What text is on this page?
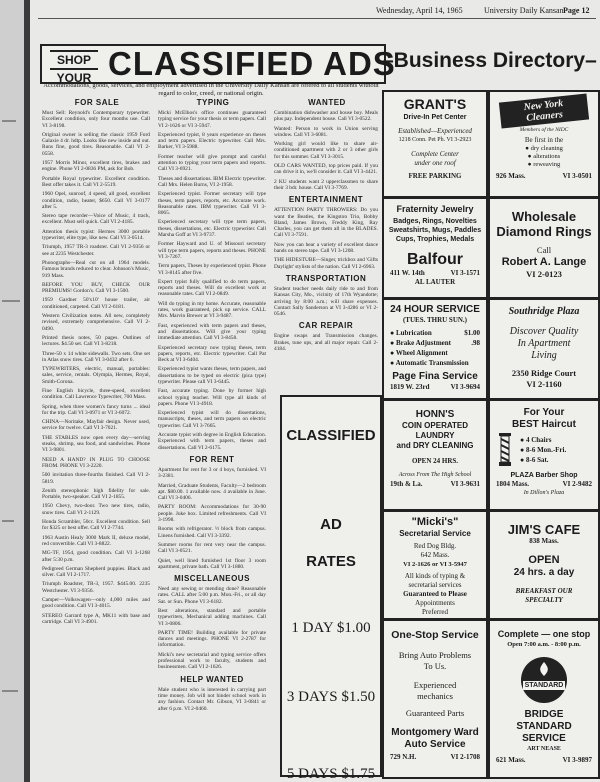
Wednesday, April 14, 1965	University Daily Kansan Page 12
SHOP
YOUR CLASSIFIED ADS
–Business Directory–
Accommodations, goods, services, and employment advertised in the University Daily Kansan are offered to all students without regard to color, creed, or national origin.
FOR SALE	TYPING	WANTED

Must Sell: Reynold's Contemporary typewriter. Excellent condition, only four months use. Call VI 3-8198.

Original owner is selling the classic 1959 Ford Galaxie 4 dr. hdtp. Looks like new inside and out. Runs fine, good tires. Reasonable. Call VI 2-0558.

1957 Morris Minor, excellent tires, brakes and engine. Phone VI 2-0836 PM, ask for Bob.

Portable Royal typewriter. Excellent condition. Best offer takes it. Call VI 2-5519.

1960 Opel, sunroof, 4 speed, all good, excellent condition, radio, heater, $650. Call VI 3-0177 after 5.

Stereo tape recorder—Voice of Music, 4 track, excellent. Must sell quick. Call VI 2-4185.

Attention thesis typist: Hermes 3000 portable typewriter, elite type, like new. Call VI 3-0514.

Triumph, 1957 TR-3 roadster. Call VI 2-9356 or see at 2235 Westchester.

Phonographs—Real cut on all 1964 models. Famous brands reduced to clear. Johnson's Music, 919 Mass.

BEFORE YOU BUY, CHECK OUR PREMIUMS! Gordon's. Call VI 3-1500.

1959 Gardner 50'x10' house trailer, air conditioned, carpeted. Call VI 2-6181.

Western Civilization notes. All new, completely revised, extremely comprehensive. Call VI 2-0490.

Printed thesis notes, 50 pages. Outlines of lectures. $4.50 set. Call VI 3-8218.

Three-50 x 14 white sidewalls. Two sets. One set in Atlas snow tires. Call VI 3-0432 after 6.

TYPEWRITERS, electric, manual, portables: sales, service, rentals. Olympia, Hermes, Royal, Smith-Corona.

Fine English bicycle, three-speed, excellent condition. Call Lawrence Typewriter, 700 Mass.

Spring, when three women's fancy turns ... ideal for the trip. Call VI 3-0971 or VI 3-6072.

CHINA—Noritake, Mayfair design. Never used, service for twelve. Call VI 3-7021.

THE STABLES now open every day—serving steaks, shrimp, sea food, and sandwiches. Phone VI 3-9801.

NEED A HAND? IN PLUG TO CHOOSE FROM. PHONE VI 3-2220.

500 invitation three-fourths finished. Call VI 2-5819.

Zenith stereophonic high fidelity for sale. Portable, two-speaker. Call VI 2-1855.

1950 Chevy, two-door. Two new tires, radio, snow tires. Call VI 2-1129.

Honda Scrambler, 50cc. Excellent condition. Sell for $325 or best offer. Call VI 2-7744.

1963 Austin Healy 3000 Mark II, deluxe model, red convertible. Call VI 3-8822.

MG-TF, 1954, good condition. Call VI 3-1268 after 5:30 p.m.

Pedigreed German Shepherd puppies. Black and silver. Call VI 2-1717.

Triumph Roadster, TR-3, 1957. $445.00. 2235 Westchester. VI 3-9356.

Camper—Volkswagen—only 4,000 miles and good condition. Call VI 3-4015.

STEREO Garrard type A, MK11 with base and cartridge. Call VI 3-4901.

Micki McElhos's office continues guaranteed typing service for your thesis or term papers. Call VI 2-1626 or VI 3-5947.

Experienced typist, 8 years experience on theses and term papers. Electric typewriter. Call Mrs. Barker, VI 3-5988.

Former teacher will give prompt and careful attention to typing your term papers and reports. Call VI 3-6921.

Theses and dissertations. IBM Electric typewriter. Call Mrs. Helen Burns, VI 2-1958.

Experienced typist. Former secretary will type theses, term papers, reports, etc. Accurate work. Reasonable rates. IBM typewriter. Call VI 3-8065.

Experienced secretary will type term papers, theses, dissertations, etc. Electric typewriter. Call Marsha Goff at VI 3-9737.

Former Hayward and U. of Missouri secretary will type term papers, reports and theses. PHONE VI 3-7267.

Term papers, Theses by experienced typist. Phone VI 3-8145 after five.

Expert typist fully qualified to do term papers, reports and theses. Will do excellent work at reasonable rates. Call VI 2-0849.

Will do typing in my home. Accurate, reasonable rates, work guaranteed, pick up service. CALL Mrs. Marvin Brewer at VI 3-9487.

Fast, experienced with term papers and theses, and dissertations. Will give your typing immediate attention. Call VI 3-8458.

Experienced secretary now typing theses, term papers, reports, etc. Electric typewriter. Call Pat Beck at VI 3-6404.

Experienced typist wants theses, term papers, and dissertations to be typed on electric (pica type) typewriter. Please call VI 3-6445.

Fast, accurate typing. Done by former high school typing teacher. Will type all kinds of papers. Phone VI 3-4918.

Experienced typist will do dissertations, manuscripts, theses, and term papers on electric typewriter. Call VI 3-7665.

Accurate typist with degree in English Education. Experienced with term papers, theses and dissertations. Call VI 2-6175.

FOR RENT

Apartment for rent for 3 or 4 boys, furnished. VI 3-2381.

Married, Graduate Students, Faculty—2 bedroom apt. $80.00. 1 available now. 4 available in June. Call VI 3-0406.

PARTY ROOM: Accommodations for 30-90 people. Juke box. Limited refreshments. Call VI 3-1998.

Rooms with refrigerator. ½ block from campus. Linens furnished. Call VI 3-3392.

Summer rooms for rent very near the campus. Call VI 3-0521.

Quiet, well lined furnished 1st floor 3 room apartment, private bath. Call VI 3-1880.

MISCELLANEOUS

Need any sewing or mending done? Reasonable rates. CALL after 5:00 p.m. Mon.-Fri., or all day Sat. or Sun. Phone VI 3-6182.

Best alterations, standard and portable typewriters, Mechanical adding machines. Call VI 3-0806.

PARTY TIME! Building available for private dances and meetings. PHONE VI 2-2787 for information.

Micki's new secretarial and typing service offers professional work to faculty, students and businessmen. Call VI 2-1626.

HELP WANTED

Male student who is interested in carrying part time money. Job will not hinder school work in any fashion. Contact Mr. Gibson, VI 3-0841 or after 6 p.m. VI 2-0460.

Combination dishwasher and house boy. Meals plus pay. Independent house. Call VI 3-0522.

Wanted: Person to work in Union serving window. Call VI 3-6081.

Working girl would like to share air-conditioned apartment with 2 or 3 other girls for this summer. Call VI 3-3015.

OLD CARS WANTED, top prices paid. If you can drive it in, we'll consider it. Call VI 3-4421.

2 KU students want 2 upperclassmen to share their 3 bdr. house. Call VI 3-7769.

ENTERTAINMENT

ATTENTION PARTY THROWERS: Do you want the Beatles, the Kingston Trio, Bobby Bland, James Brown, Freddy King, Ray Charles, you can get them all in the BLADES. Call VI 3-7591.

Now you can hear a variety of excellent dance bands on stereo tape. Call VI 3-1208.

THE HIDESTUBE—Singer, trickbox and 'Gifts Daylight' stylists of the nation. Call VI 2-6963.

TRANSPORTATION

Student teacher needs daily ride to and from Kansas City, Mo., vicinity of 17th Wyandotte; arriving by 8:00 a.m.; will share expenses. Contact Sally Sanderson at VI 3-4286 or VI 2-0546.

CAR REPAIR

Engine swaps and Transmission changes. Brakes, tune ups, and all major repair. Call 2-4184.

CLASSIFIED
AD
RATES
1 DAY $1.00
3 DAYS $1.50
5 DAYS $1.75
GRANT'S
Drive-In Pet Center
Established—Experienced
1218 Conn. Pet Ph. VI 3-2923
Complete Center
under one roof
FREE PARKING
New York
Cleaners
Members of the NIDC
Be first in the
● dry cleaning
● alterations
● reweaving
926 Mass.	VI 3-0501
Fraternity Jewelry
Badges, Rings, Novelties Sweatshirts, Mugs, Paddles Cups, Trophies, Medals
Balfour
411 W. 14th	VI 3-1571
AL LAUTER
Wholesale
Diamond Rings
Call
Robert A. Lange
VI 2-0123
24 HOUR SERVICE
(TUES. THRU SUN.)
● Lubrication	$1.00
● Brake Adjustment	.98
● Wheel Alignment
● Automatic Transmission
Page Fina Service
1819 W. 23rd	VI 3-9694
Southridge Plaza
Discover Quality
In Apartment
Living
2350 Ridge Court
VI 2-1160
HONN'S
COIN OPERATED
LAUNDRY
and DRY CLEANING
OPEN 24 HRS.
Across From The High School
19th & La.	VI 3-9631
For Your
BEST Haircut
● 4 Chairs
● 8-6 Mon.-Fri.
● 8-6 Sat.
PLAZA Barber Shop
1804 Mass.	VI 2-9482
In Dillon's Plaza
"Micki's"
Secretarial Service
Red Dog Bldg.
642 Mass.
VI 2-1626 or VI 3-5947
All kinds of typing &
secretarial services
Guaranteed to Please
Appointments
Preferred
JIM'S CAFE
838 Mass.
OPEN
24 hrs. a day
BREAKFAST OUR
SPECIALTY
One-Stop Service
Bring Auto Problems
To Us.
Experienced
mechanics
Guaranteed Parts
Montgomery Ward
Auto Service
729 N.H.	VI 2-1708
Complete — one stop
Open 7:00 a.m. - 8:00 p.m.
STANDARD
BRIDGE
STANDARD
SERVICE
ART NEASE
621 Mass.	VI 3-9897
